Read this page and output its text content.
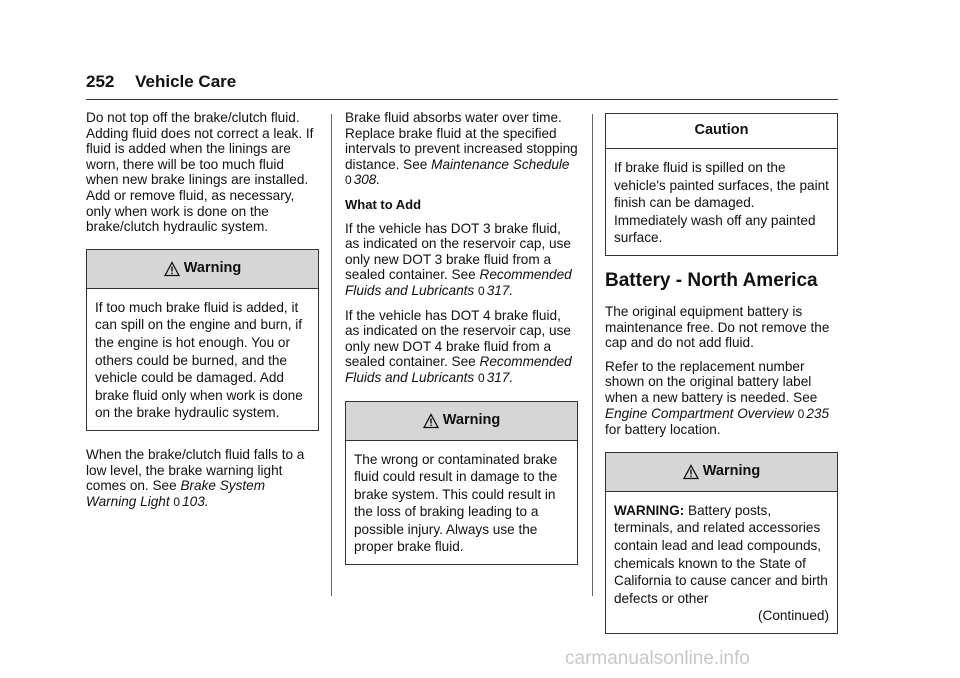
252 Vehicle Care

Do not top off the brake/clutch fluid. Adding fluid does not correct a leak. If fluid is added when the linings are worn, there will be too much fluid when new brake linings are installed. Add or remove fluid, as necessary, only when work is done on the brake/clutch hydraulic system.

Warning
If too much brake fluid is added, it can spill on the engine and burn, if the engine is hot enough. You or others could be burned, and the vehicle could be damaged. Add brake fluid only when work is done on the brake hydraulic system.

When the brake/clutch fluid falls to a low level, the brake warning light comes on. See Brake System Warning Light 0 103.

Brake fluid absorbs water over time. Replace brake fluid at the specified intervals to prevent increased stopping distance. See Maintenance Schedule 0 308.

What to Add

If the vehicle has DOT 3 brake fluid, as indicated on the reservoir cap, use only new DOT 3 brake fluid from a sealed container. See Recommended Fluids and Lubricants 0 317.

If the vehicle has DOT 4 brake fluid, as indicated on the reservoir cap, use only new DOT 4 brake fluid from a sealed container. See Recommended Fluids and Lubricants 0 317.

Warning
The wrong or contaminated brake fluid could result in damage to the brake system. This could result in the loss of braking leading to a possible injury. Always use the proper brake fluid.
Caution
If brake fluid is spilled on the vehicle's painted surfaces, the paint finish can be damaged. Immediately wash off any painted surface.
Battery - North America

The original equipment battery is maintenance free. Do not remove the cap and do not add fluid.

Refer to the replacement number shown on the original battery label when a new battery is needed. See Engine Compartment Overview 0 235 for battery location.

Warning
WARNING: Battery posts, terminals, and related accessories contain lead and lead compounds, chemicals known to the State of California to cause cancer and birth defects or other
(Continued)
carmanualsonline.info
